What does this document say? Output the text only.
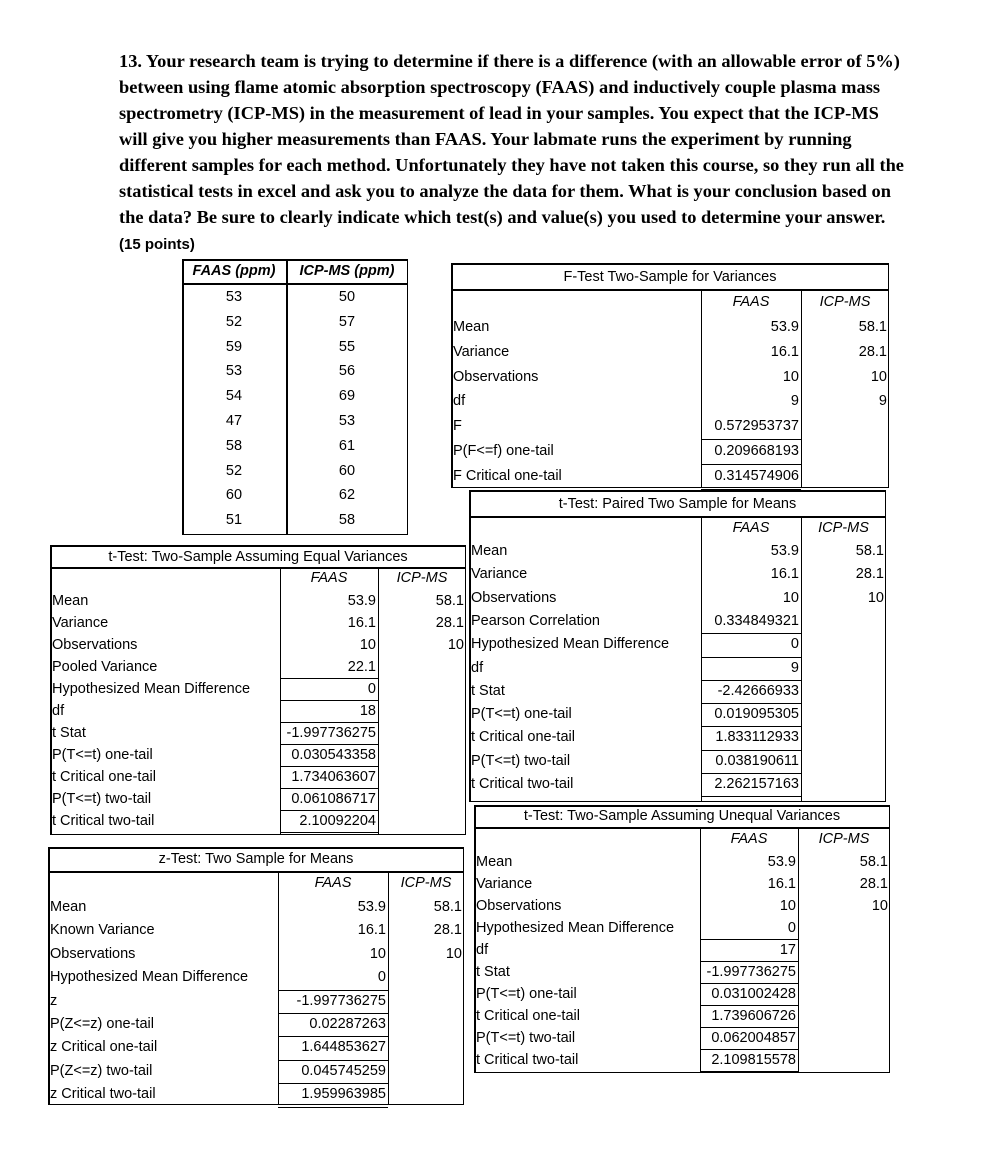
13. Your research team is trying to determine if there is a difference (with an allowable error of 5%) between using flame atomic absorption spectroscopy (FAAS) and inductively couple plasma mass spectrometry (ICP-MS) in the measurement of lead in your samples. You expect that the ICP-MS will give you higher measurements than FAAS. Your labmate runs the experiment by running different samples for each method. Unfortunately they have not taken this course, so they run all the statistical tests in excel and ask you to analyze the data for them. What is your conclusion based on the data? Be sure to clearly indicate which test(s) and value(s) you used to determine your answer. (15 points)
FAAS (ppm)	ICP-MS (ppm)
53	50
52	57
59	55
53	56
54	69
47	53
58	61
52	60
60	62
51	58
F-Test Two-Sample for Variances
FAAS	ICP-MS
Mean	53.9	58.1
Variance	16.1	28.1
Observations	10	10
df	9	9
F	0.572953737
P(F<=f) one-tail	0.209668193
F Critical one-tail	0.314574906
t-Test: Paired Two Sample for Means
FAAS	ICP-MS
Mean	53.9	58.1
Variance	16.1	28.1
Observations	10	10
Pearson Correlation	0.334849321
Hypothesized Mean Difference	0
df	9
t Stat	-2.42666933
P(T<=t) one-tail	0.019095305
t Critical one-tail	1.833112933
P(T<=t) two-tail	0.038190611
t Critical two-tail	2.262157163
t-Test: Two-Sample Assuming Equal Variances
FAAS	ICP-MS
Mean	53.9	58.1
Variance	16.1	28.1
Observations	10	10
Pooled Variance	22.1
Hypothesized Mean Difference	0
df	18
t Stat	-1.997736275
P(T<=t) one-tail	0.030543358
t Critical one-tail	1.734063607
P(T<=t) two-tail	0.061086717
t Critical two-tail	2.10092204
z-Test: Two Sample for Means
FAAS	ICP-MS
Mean	53.9	58.1
Known Variance	16.1	28.1
Observations	10	10
Hypothesized Mean Difference	0
z	-1.997736275
P(Z<=z) one-tail	0.02287263
z Critical one-tail	1.644853627
P(Z<=z) two-tail	0.045745259
z Critical two-tail	1.959963985
t-Test: Two-Sample Assuming Unequal Variances
FAAS	ICP-MS
Mean	53.9	58.1
Variance	16.1	28.1
Observations	10	10
Hypothesized Mean Difference	0
df	17
t Stat	-1.997736275
P(T<=t) one-tail	0.031002428
t Critical one-tail	1.739606726
P(T<=t) two-tail	0.062004857
t Critical two-tail	2.109815578
